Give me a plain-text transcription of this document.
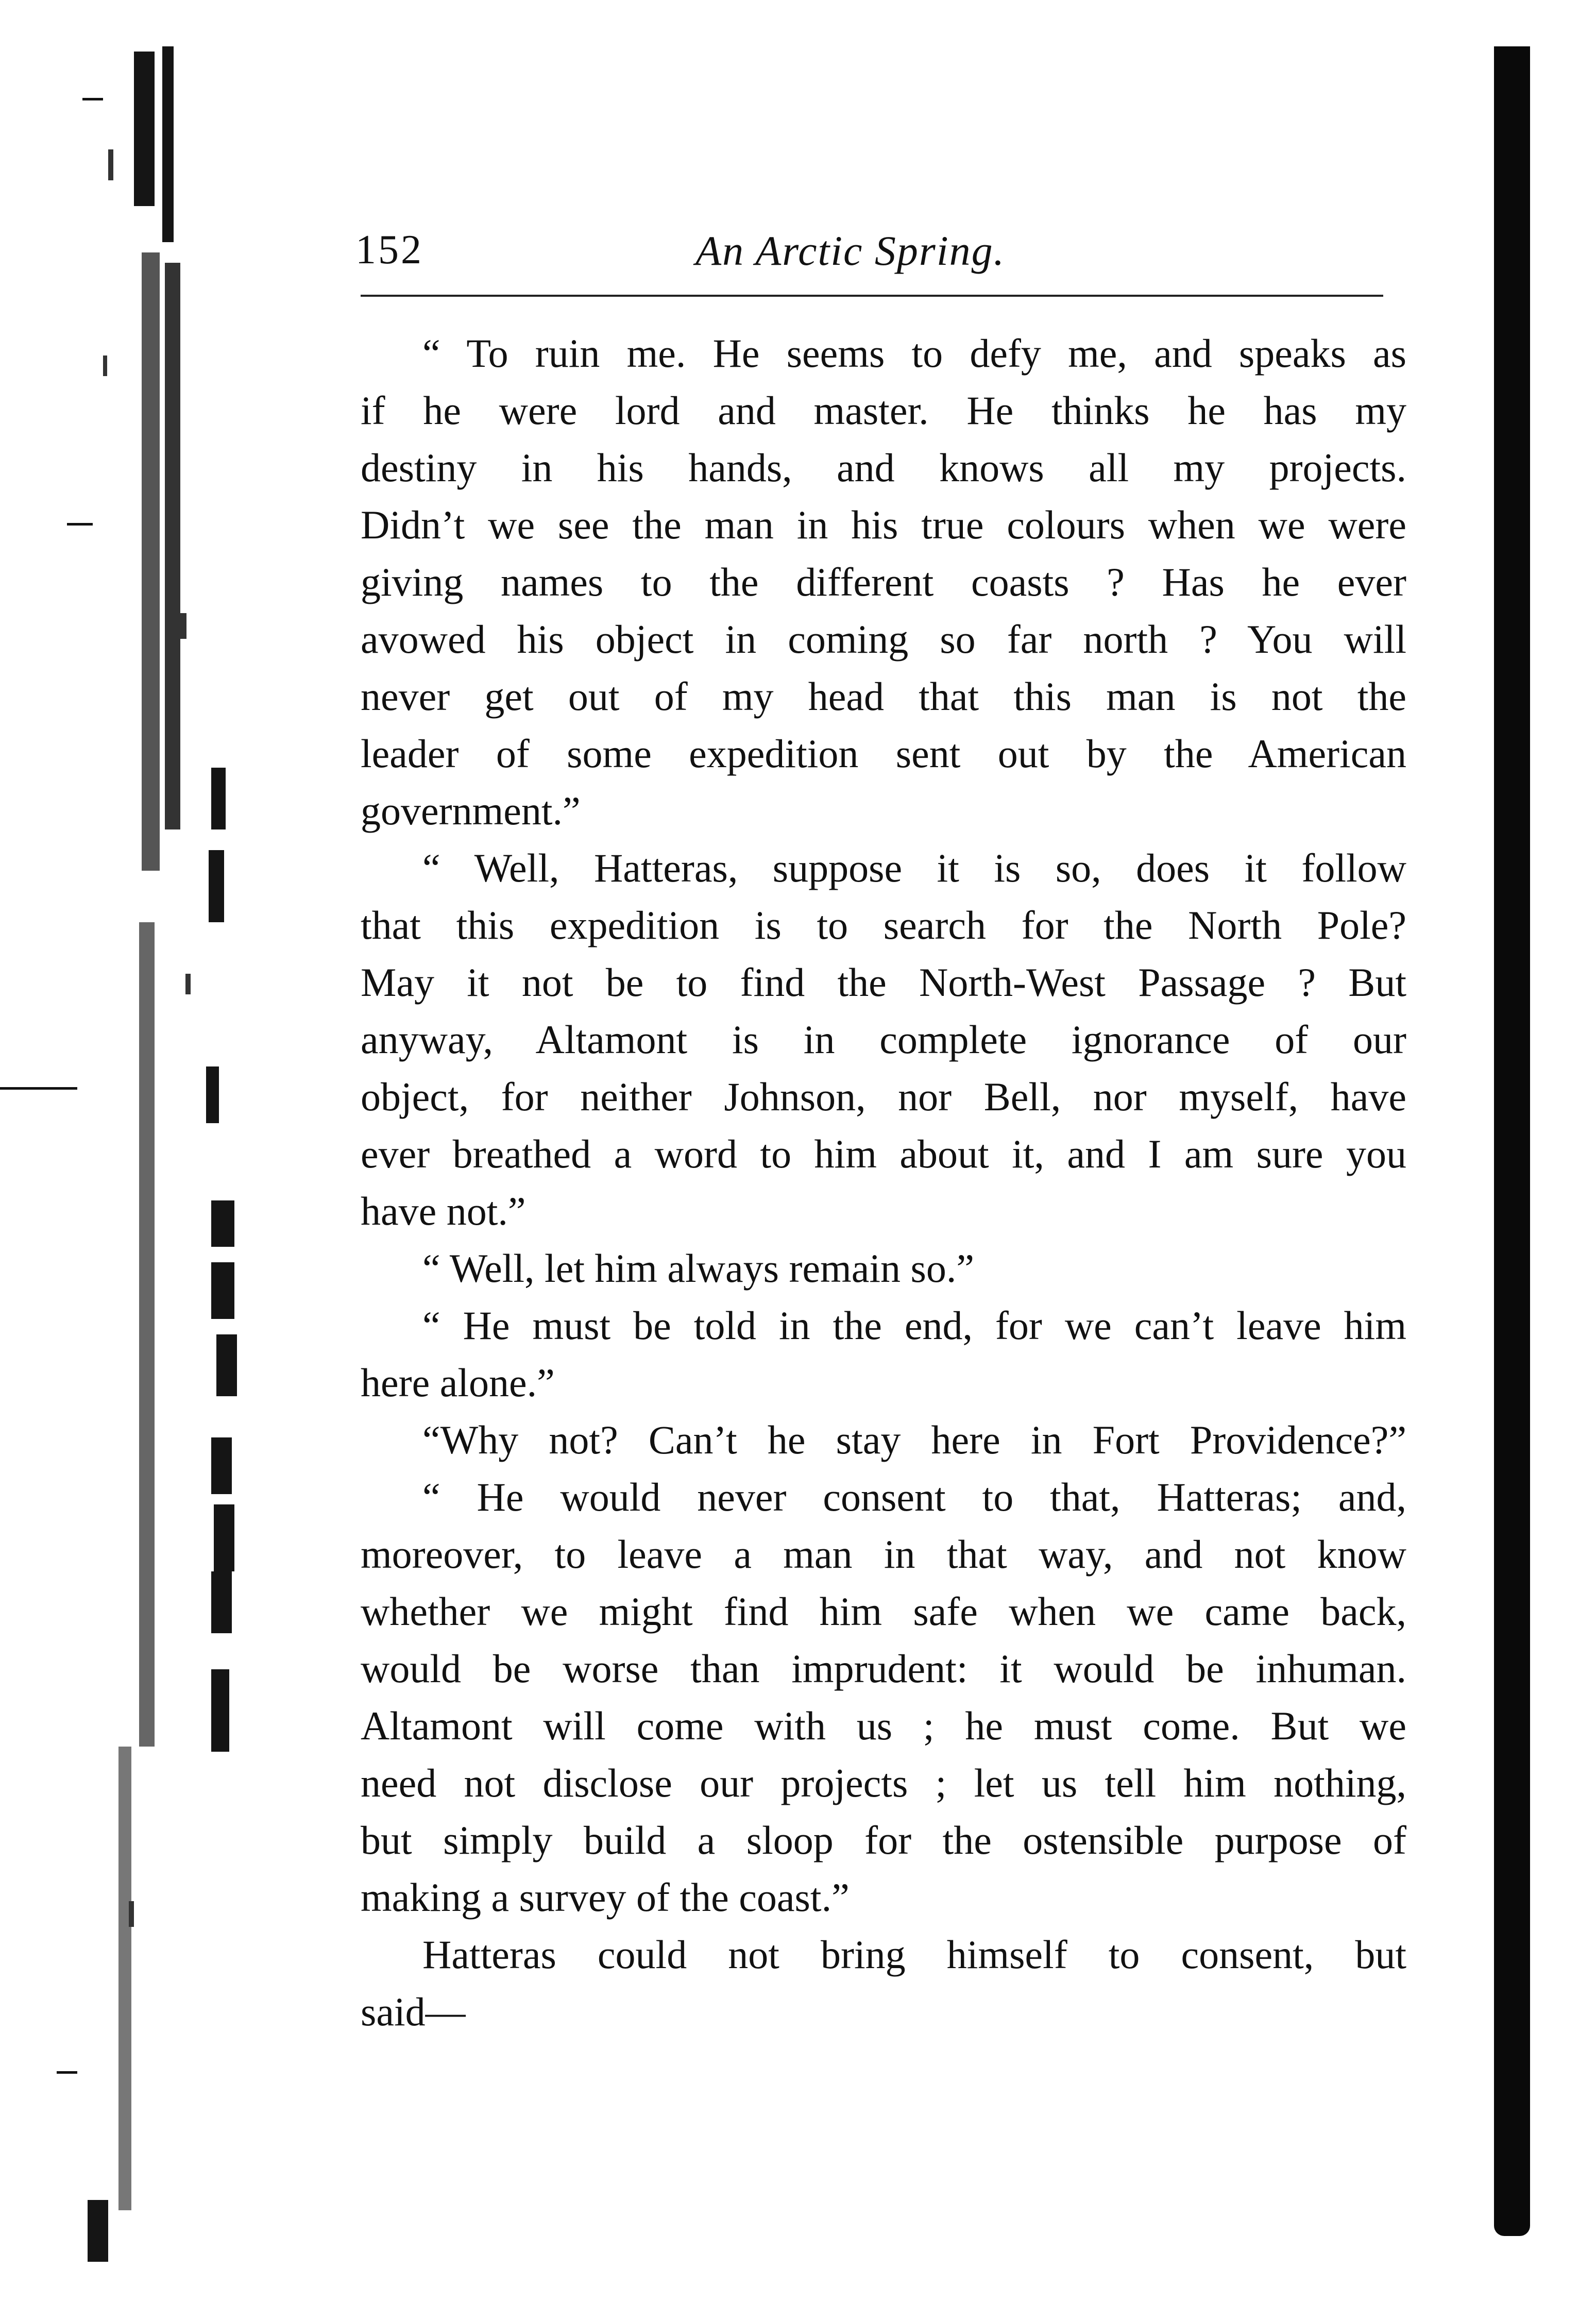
152	An Arctic Spring.
“ To ruin me. He seems to defy me, and speaks as
if he were lord and master. He thinks he has my
destiny in his hands, and knows all my projects.
Didn’t we see the man in his true colours when we were
giving names to the different coasts ? Has he ever
avowed his object in coming so far north ? You will
never get out of my head that this man is not the
leader of some expedition sent out by the American
government.”
“ Well, Hatteras, suppose it is so, does it follow
that this expedition is to search for the North Pole?
May it not be to find the North-West Passage ? But
anyway, Altamont is in complete ignorance of our
object, for neither Johnson, nor Bell, nor myself, have
ever breathed a word to him about it, and I am sure you
have not.”
“ Well, let him always remain so.”
“ He must be told in the end, for we can’t leave him
here alone.”
“Why not? Can’t he stay here in Fort Providence?”
“ He would never consent to that, Hatteras; and,
moreover, to leave a man in that way, and not know
whether we might find him safe when we came back,
would be worse than imprudent: it would be inhuman.
Altamont will come with us ; he must come. But we
need not disclose our projects ; let us tell him nothing,
but simply build a sloop for the ostensible purpose of
making a survey of the coast.”
Hatteras could not bring himself to consent, but
said—
